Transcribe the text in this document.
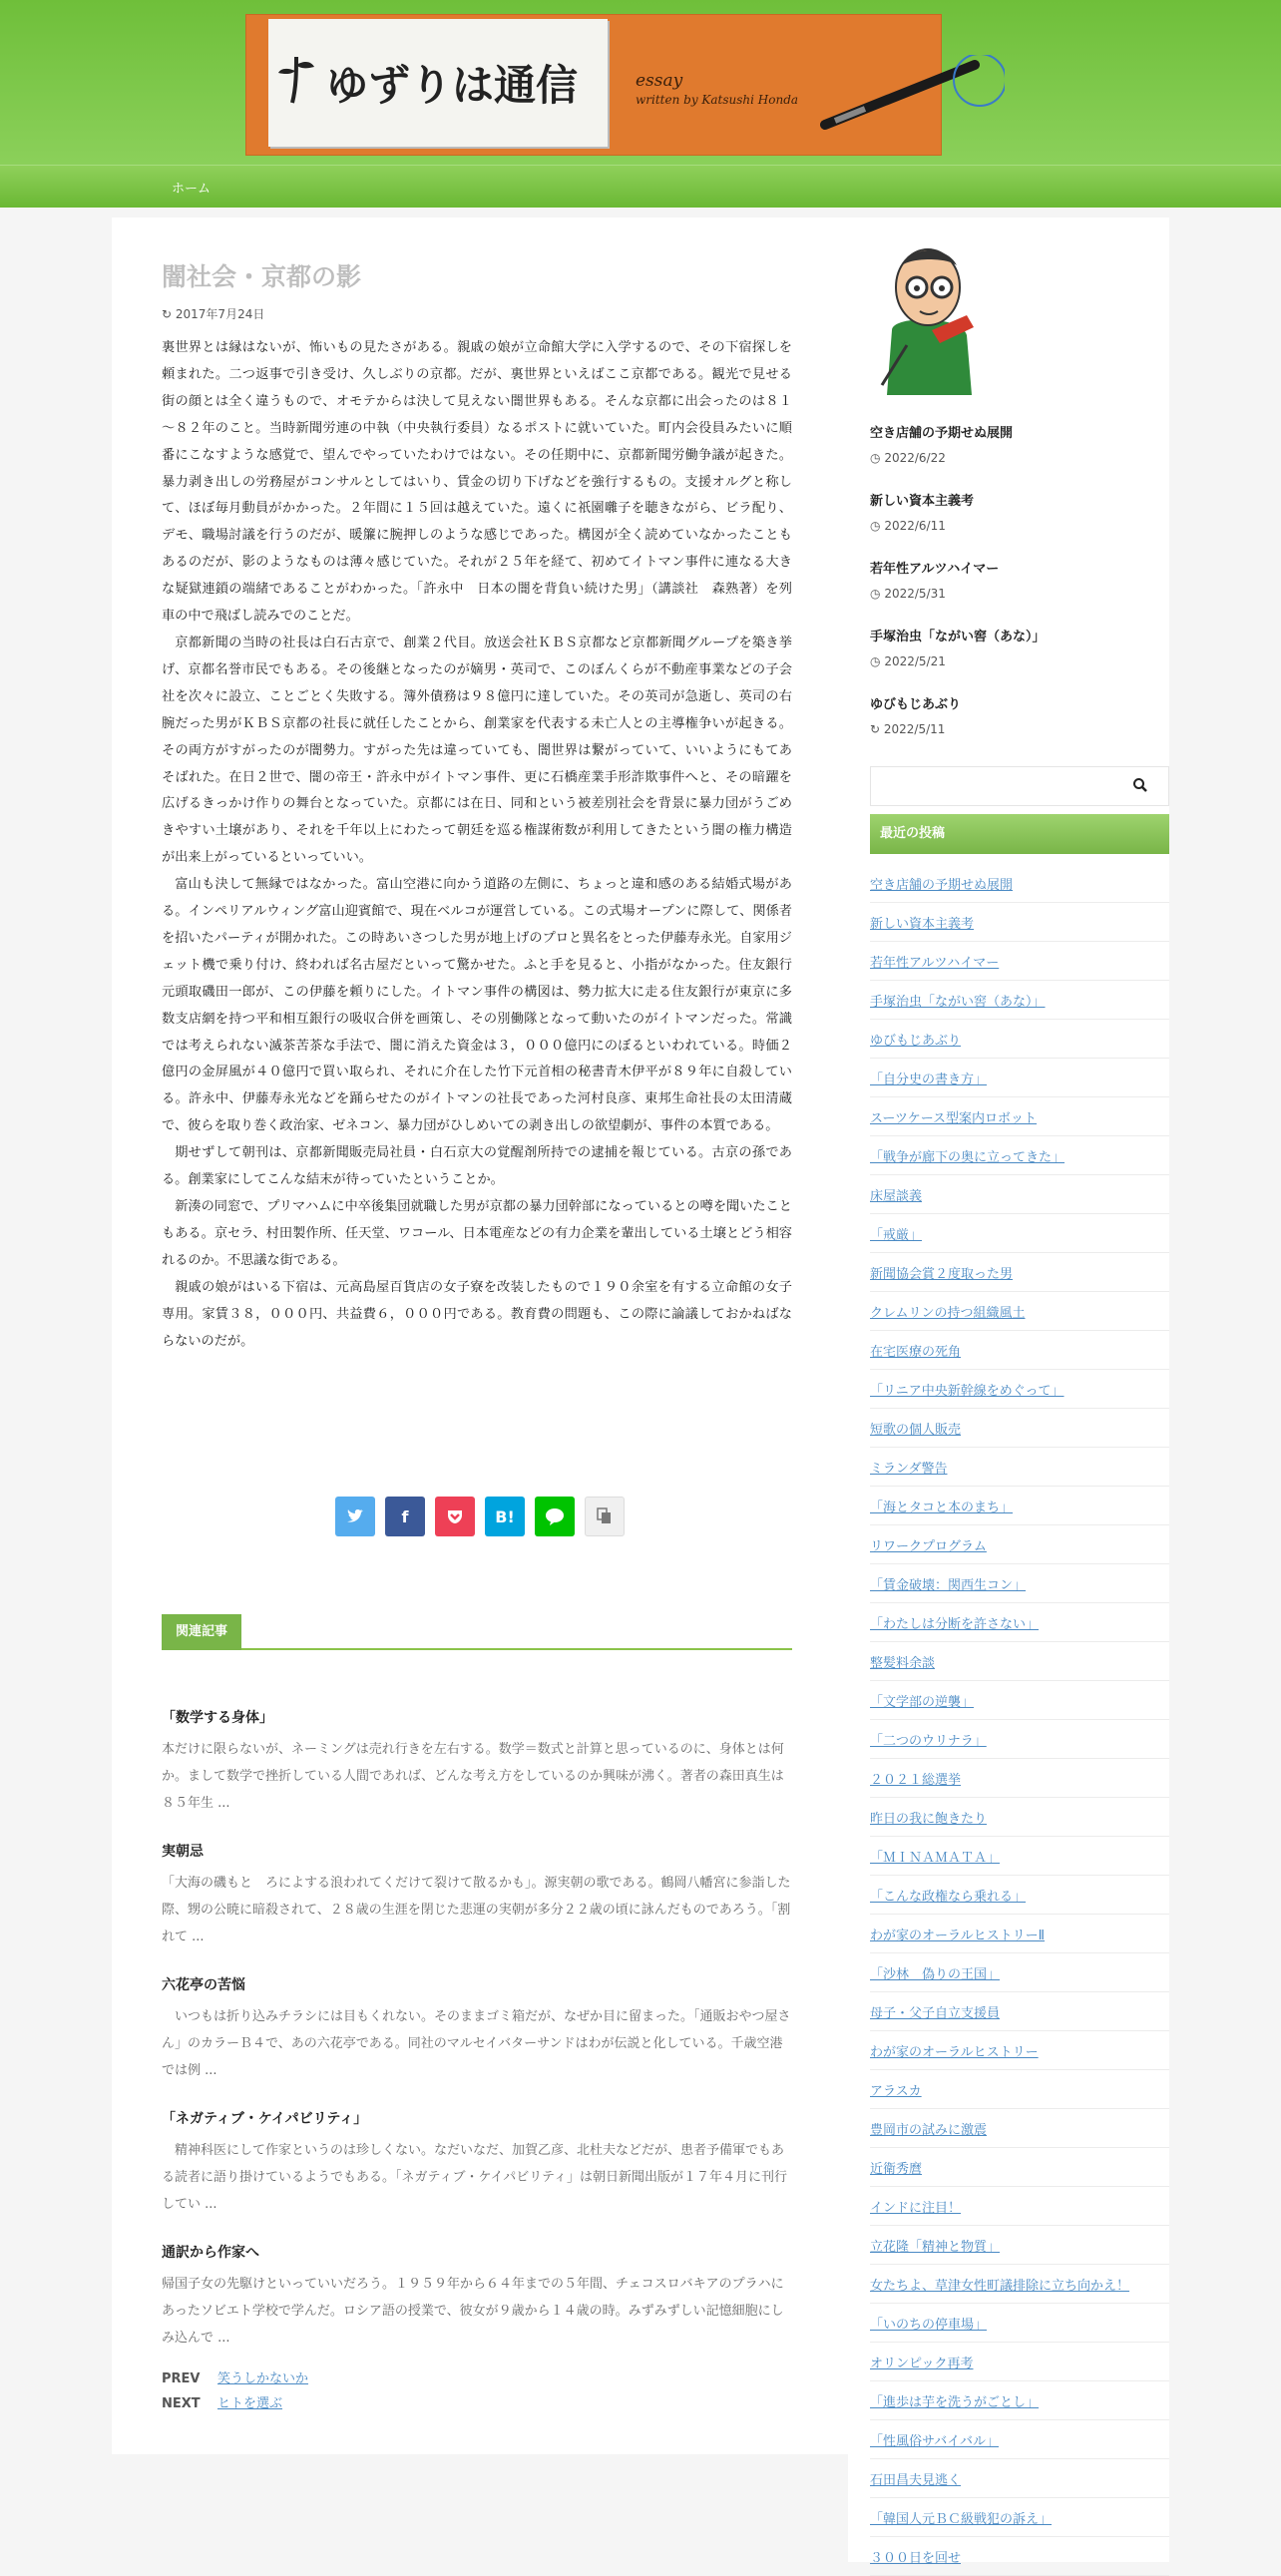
ゆずりは通信	essay
written by Katsushi Honda
ホーム
闇社会・京都の影
↻ 2017年7月24日

裏世界とは縁はないが、怖いもの見たさがある。親戚の娘が立命館大学に入学するので、その下宿探しを頼まれた。二つ返事で引き受け、久しぶりの京都。だが、裏世界といえばここ京都である。観光で見せる街の顔とは全く違うもので、オモテからは決して見えない闇世界もある。そんな京都に出会ったのは８１～８２年のこと。当時新聞労連の中執（中央執行委員）なるポストに就いていた。町内会役員みたいに順番にこなすような感覚で、望んでやっていたわけではない。その任期中に、京都新聞労働争議が起きた。暴力剥き出しの労務屋がコンサルとしてはいり、賃金の切り下げなどを強行するもの。支援オルグと称して、ほぼ毎月動員がかかった。２年間に１５回は越えていた。遠くに祇園囃子を聴きながら、ビラ配り、デモ、職場討議を行うのだが、暖簾に腕押しのような感じであった。構図が全く読めていなかったこともあるのだが、影のようなものは薄々感じていた。それが２５年を経て、初めてイトマン事件に連なる大きな疑獄連鎖の端緒であることがわかった。「許永中　日本の闇を背負い続けた男」（講談社　森熟著）を列車の中で飛ばし読みでのことだ。

京都新聞の当時の社長は白石古京で、創業２代目。放送会社ＫＢＳ京都など京都新聞グループを築き挙げ、京都名誉市民でもある。その後継となったのが嫡男・英司で、このぼんくらが不動産事業などの子会社を次々に設立、ことごとく失敗する。簿外債務は９８億円に達していた。その英司が急逝し、英司の右腕だった男がＫＢＳ京都の社長に就任したことから、創業家を代表する未亡人との主導権争いが起きる。その両方がすがったのが闇勢力。すがった先は違っていても、闇世界は繋がっていて、いいようにもてあそばれた。在日２世で、闇の帝王・許永中がイトマン事件、更に石橋産業手形詐欺事件へと、その暗躍を広げるきっかけ作りの舞台となっていた。京都には在日、同和という被差別社会を背景に暴力団がうごめきやすい土壌があり、それを千年以上にわたって朝廷を巡る権謀術数が利用してきたという闇の権力構造が出来上がっているといっていい。

富山も決して無縁ではなかった。富山空港に向かう道路の左側に、ちょっと違和感のある結婚式場がある。インペリアルウィング富山迎賓館で、現在ベルコが運営している。この式場オープンに際して、関係者を招いたパーティが開かれた。この時あいさつした男が地上げのプロと異名をとった伊藤寿永光。自家用ジェット機で乗り付け、終われば名古屋だといって驚かせた。ふと手を見ると、小指がなかった。住友銀行元頭取磯田一郎が、この伊藤を頼りにした。イトマン事件の構図は、勢力拡大に走る住友銀行が東京に多数支店網を持つ平和相互銀行の吸収合併を画策し、その別働隊となって動いたのがイトマンだった。常識では考えられない滅茶苦茶な手法で、闇に消えた資金は３，０００億円にのぼるといわれている。時価２億円の金屏風が４０億円で買い取られ、それに介在した竹下元首相の秘書青木伊平が８９年に自殺している。許永中、伊藤寿永光などを踊らせたのがイトマンの社長であった河村良彦、東邦生命社長の太田清蔵で、彼らを取り巻く政治家、ゼネコン、暴力団がひしめいての剥き出しの欲望劇が、事件の本質である。

期せずして朝刊は、京都新聞販売局社員・白石京大の覚醒剤所持での逮捕を報じている。古京の孫である。創業家にしてこんな結末が待っていたということか。

新湊の同窓で、プリマハムに中卒後集団就職した男が京都の暴力団幹部になっているとの噂を聞いたこともある。京セラ、村田製作所、任天堂、ワコール、日本電産などの有力企業を輩出している土壌とどう相容れるのか。不思議な街である。

親戚の娘がはいる下宿は、元高島屋百貨店の女子寮を改装したもので１９０余室を有する立命館の女子専用。家賃３８，０００円、共益費６，０００円である。教育費の問題も、この際に論議しておかねばならないのだが。

f	B!
関連記事
「数学する身体」
本だけに限らないが、ネーミングは売れ行きを左右する。数学＝数式と計算と思っているのに、身体とは何か。まして数学で挫折している人間であれば、どんな考え方をしているのか興味が沸く。著者の森田真生は８５年生 ...
実朝忌
「大海の磯もと　ろによする浪われてくだけて裂けて散るかも」。源実朝の歌である。鶴岡八幡宮に参詣した際、甥の公暁に暗殺されて、２８歳の生涯を閉じた悲運の実朝が多分２２歳の頃に詠んだものであろう。「割れて ...
六花亭の苦悩
　いつもは折り込みチラシには目もくれない。そのままゴミ箱だが、なぜか目に留まった。「通販おやつ屋さん」のカラーＢ４で、あの六花亭である。同社のマルセイバターサンドはわが伝説と化している。千歳空港では例 ...
「ネガティブ・ケイパビリティ」
　精神科医にして作家というのは珍しくない。なだいなだ、加賀乙彦、北杜夫などだが、患者予備軍でもある読者に語り掛けているようでもある。「ネガティブ・ケイパビリティ」は朝日新聞出版が１７年４月に刊行してい ...
通訳から作家へ
帰国子女の先駆けといっていいだろう。１９５９年から６４年までの５年間、チェコスロバキアのプラハにあったソビエト学校で学んだ。ロシア語の授業で、彼女が９歳から１４歳の時。みずみずしい記憶細胞にしみ込んで ...
PREV 笑うしかないか
NEXT ヒトを選ぶ
空き店舗の予期せぬ展開
◷ 2022/6/22
新しい資本主義考
◷ 2022/6/11
若年性アルツハイマー
◷ 2022/5/31
手塚治虫「ながい窖（あな）」
◷ 2022/5/21
ゆびもじあぶり
↻ 2022/5/11
最近の投稿
空き店舗の予期せぬ展開
新しい資本主義考
若年性アルツハイマー
手塚治虫「ながい窖（あな）」
ゆびもじあぶり
「自分史の書き方」
スーツケース型案内ロボット
「戦争が廊下の奥に立ってきた」
床屋談義
「戒厳」
新聞協会賞２度取った男
クレムリンの持つ組織風土
在宅医療の死角
「リニア中央新幹線をめぐって」
短歌の個人販売
ミランダ警告
「海とタコと本のまち」
リワークプログラム
「賃金破壊：関西生コン」
「わたしは分断を許さない」
整髪料余談
「文学部の逆襲」
「二つのウリナラ」
２０２１総選挙
昨日の我に飽きたり
「ＭＩＮＡＭＡＴＡ」
「こんな政権なら乗れる」
わが家のオーラルヒストリーⅡ
「沙林　偽りの王国」
母子・父子自立支援員
わが家のオーラルヒストリー
アラスカ
豊岡市の試みに激震
近衛秀麿
インドに注目！
立花隆「精神と物質」
女たちよ、草津女性町議排除に立ち向かえ！
「いのちの停車場」
オリンピック再考
「進歩は芋を洗うがごとし」
「性風俗サバイバル」
石田昌夫見逃く
「韓国人元ＢＣ級戦犯の訴え」
３００日を回せ
